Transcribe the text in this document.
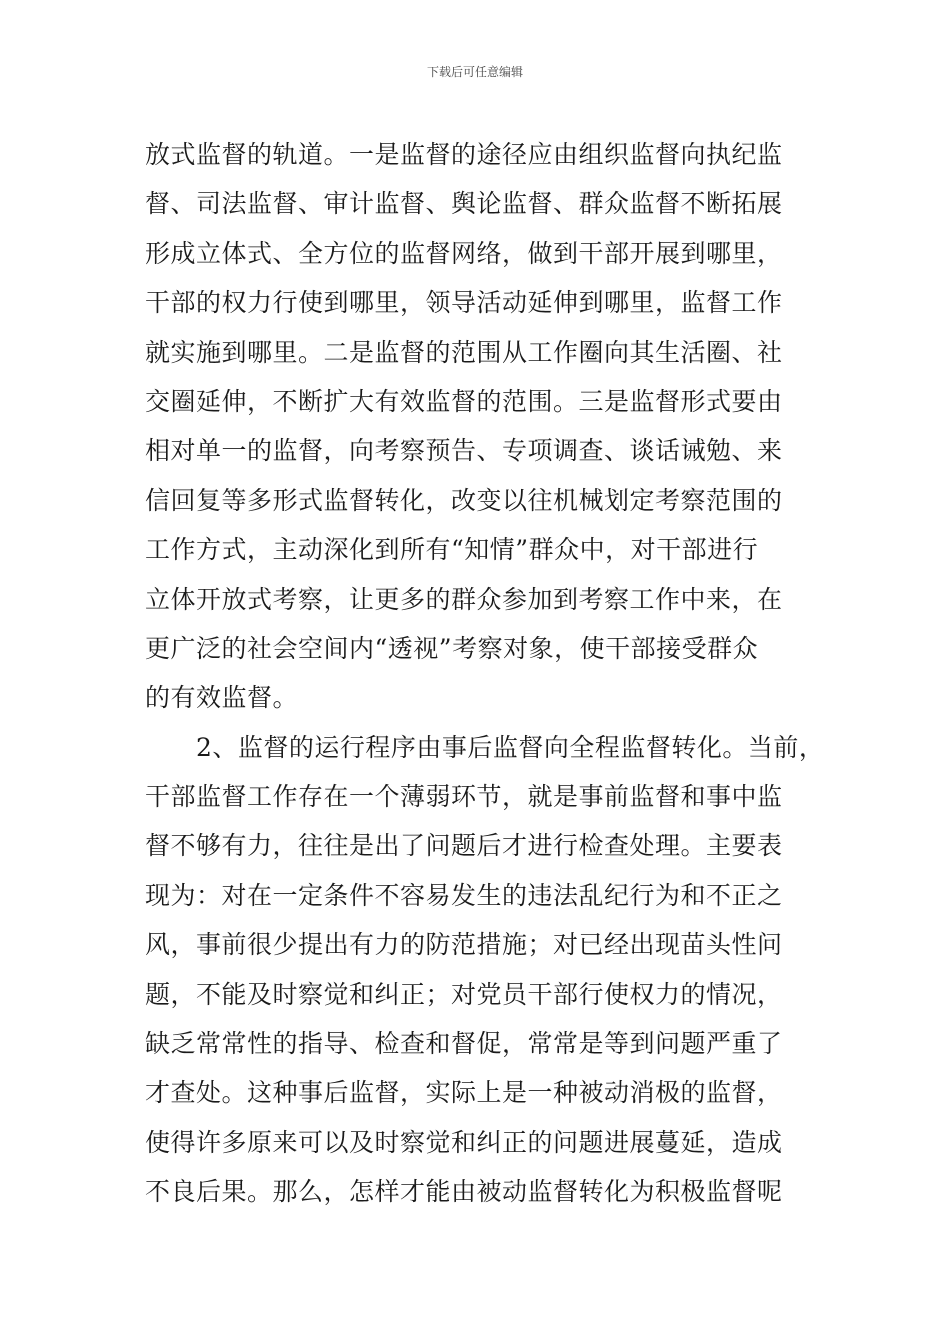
下载后可任意编辑
放式监督的轨道。一是监督的途径应由组织监督向执纪监
督、司法监督、审计监督、舆论监督、群众监督不断拓展
形成立体式、全方位的监督网络，做到干部开展到哪里，
干部的权力行使到哪里，领导活动延伸到哪里，监督工作
就实施到哪里。二是监督的范围从工作圈向其生活圈、社
交圈延伸，不断扩大有效监督的范围。三是监督形式要由
相对单一的监督，向考察预告、专项调查、谈话诫勉、来
信回复等多形式监督转化，改变以往机械划定考察范围的
工作方式，主动深化到所有“知情”群众中，对干部进行
立体开放式考察，让更多的群众参加到考察工作中来，在
更广泛的社会空间内“透视”考察对象，使干部接受群众
的有效监督。
　　2、监督的运行程序由事后监督向全程监督转化。当前，
干部监督工作存在一个薄弱环节，就是事前监督和事中监
督不够有力，往往是出了问题后才进行检查处理。主要表
现为：对在一定条件不容易发生的违法乱纪行为和不正之
风，事前很少提出有力的防范措施；对已经出现苗头性问
题，不能及时察觉和纠正；对党员干部行使权力的情况，
缺乏常常性的指导、检查和督促，常常是等到问题严重了
才查处。这种事后监督，实际上是一种被动消极的监督，
使得许多原来可以及时察觉和纠正的问题进展蔓延，造成
不良后果。那么，怎样才能由被动监督转化为积极监督呢
